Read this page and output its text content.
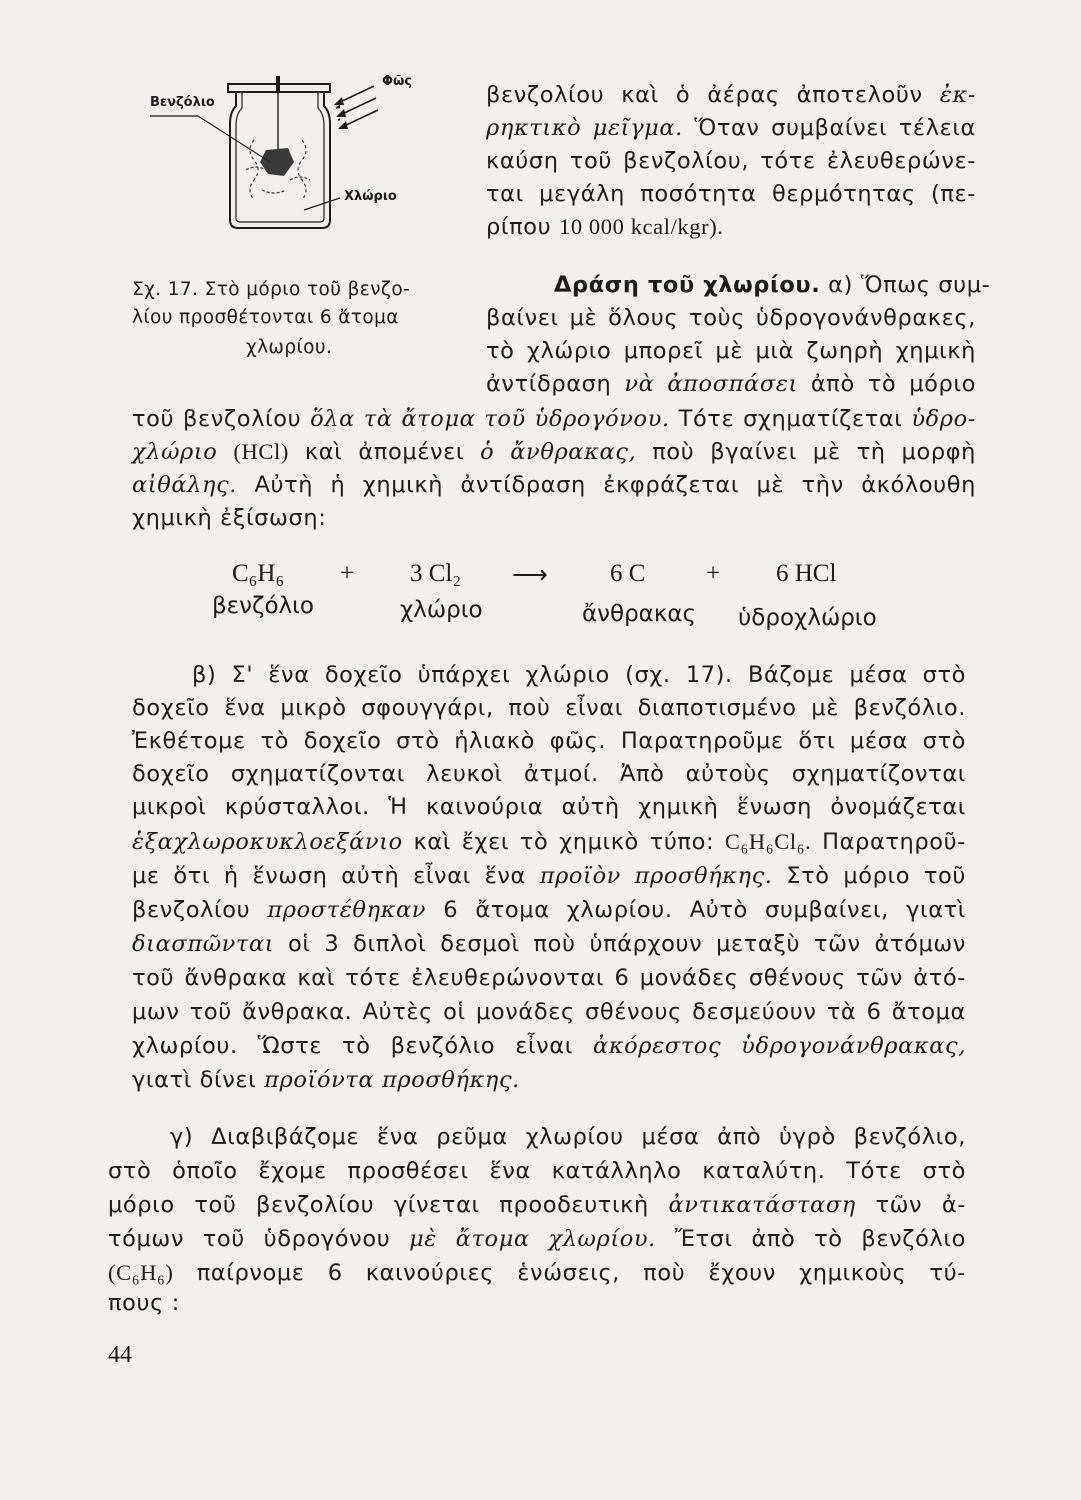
Βενζόλιο
Φῶς
Χλώριο
Σχ. 17. Στὸ μόριο τοῦ βενζο-
λίου προσθέτονται 6 ἄτομα
χλωρίου.
βενζολίου καὶ ὁ ἀέρας ἀποτελοῦν ἐκ-
ρηκτικὸ μεῖγμα. Ὅταν συμβαίνει τέλεια
καύση τοῦ βενζολίου, τότε ἐλευθερώνε-
ται μεγάλη ποσότητα θερμότητας (πε-
ρίπου 10 000 kcal/kgr).
Δράση τοῦ χλωρίου. α) Ὅπως συμ-
βαίνει μὲ ὅλους τοὺς ὑδρογονάνθρακες,
τὸ χλώριο μπορεῖ μὲ μιὰ ζωηρὴ χημικὴ
ἀντίδραση νὰ ἀποσπάσει ἀπὸ τὸ μόριο
τοῦ βενζολίου ὅλα τὰ ἄτομα τοῦ ὑδρογόνου. Τότε σχηματίζεται ὑδρο-
χλώριο (HCl) καὶ ἀπομένει ὁ ἄνθρακας, ποὺ βγαίνει μὲ τὴ μορφὴ
αἰθάλης. Αὐτὴ ἡ χημικὴ ἀντίδραση ἐκφράζεται μὲ τὴν ἀκόλουθη
χημικὴ ἐξίσωση:
C₆H₆ + 3 Cl₂ ⟶ 6 C + 6 HCl
βενζόλιο	χλώριο	ἄνθρακας ὑδροχλώριο
β) Σ' ἕνα δοχεῖο ὑπάρχει χλώριο (σχ. 17). Βάζομε μέσα στὸ
δοχεῖο ἕνα μικρὸ σφουγγάρι, ποὺ εἶναι διαποτισμένο μὲ βενζόλιο.
Ἐκθέτομε τὸ δοχεῖο στὸ ἡλιακὸ φῶς. Παρατηροῦμε ὅτι μέσα στὸ
δοχεῖο σχηματίζονται λευκοὶ ἀτμοί. Ἀπὸ αὐτοὺς σχηματίζονται
μικροὶ κρύσταλλοι. Ἡ καινούρια αὐτὴ χημικὴ ἕνωση ὀνομάζεται
ἑξαχλωροκυκλοεξάνιο καὶ ἔχει τὸ χημικὸ τύπο: C₆H₆Cl₆. Παρατηροῦ-
με ὅτι ἡ ἕνωση αὐτὴ εἶναι ἕνα προϊὸν προσθήκης. Στὸ μόριο τοῦ
βενζολίου προστέθηκαν 6 ἄτομα χλωρίου. Αὐτὸ συμβαίνει, γιατὶ
διασπῶνται οἱ 3 διπλοὶ δεσμοὶ ποὺ ὑπάρχουν μεταξὺ τῶν ἀτόμων
τοῦ ἄνθρακα καὶ τότε ἐλευθερώνονται 6 μονάδες σθένους τῶν ἀτό-
μων τοῦ ἄνθρακα. Αὐτὲς οἱ μονάδες σθένους δεσμεύουν τὰ 6 ἄτομα
χλωρίου. Ὥστε τὸ βενζόλιο εἶναι ἀκόρεστος ὑδρογονάνθρακας,
γιατὶ δίνει προϊόντα προσθήκης.
γ) Διαβιβάζομε ἕνα ρεῦμα χλωρίου μέσα ἀπὸ ὑγρὸ βενζόλιο,
στὸ ὁποῖο ἔχομε προσθέσει ἕνα κατάλληλο καταλύτη. Τότε στὸ
μόριο τοῦ βενζολίου γίνεται προοδευτικὴ ἀντικατάσταση τῶν ἀ-
τόμων τοῦ ὑδρογόνου μὲ ἄτομα χλωρίου. Ἔτσι ἀπὸ τὸ βενζόλιο
(C₆H₆) παίρνομε 6 καινούριες ἑνώσεις, ποὺ ἔχουν χημικοὺς τύ-
πους :
44
